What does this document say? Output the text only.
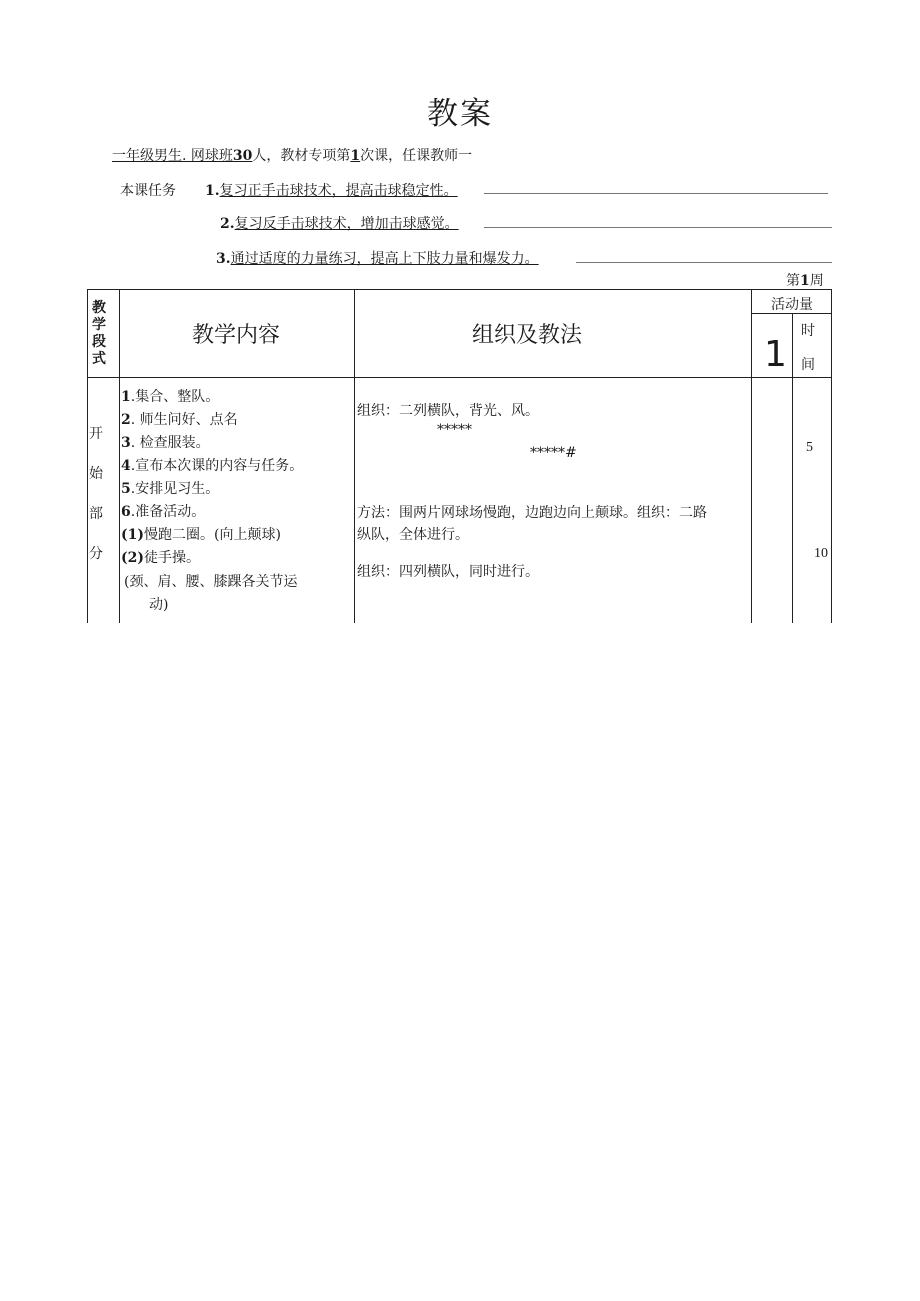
教案
一年级男生. 网球班30人，教材专项第1次课，任课教师一
本课任务 1.复习正手击球技术，提高击球稳定性。
2.复习反手击球技术，增加击球感觉。
3.通过适度的力量练习，提高上下肢力量和爆发力。
第1周
教学段式
教学内容	组织及教法
活动量
1
时
间
开
始
部
分
1.集合、整队。
2. 师生问好、点名
3. 检查服装。
4.宣布本次课的内容与任务。
5.安排见习生。
6.准备活动。
(1)慢跑二圈。(向上颠球)
(2)徒手操。
(颈、肩、腰、膝踝各关节运
动)
组织：二列横队，背光、风。
*****
*****#
方法：围两片网球场慢跑，边跑边向上颠球。组织：二路
纵队，全体进行。
组织：四列横队，同时进行。
5
10
